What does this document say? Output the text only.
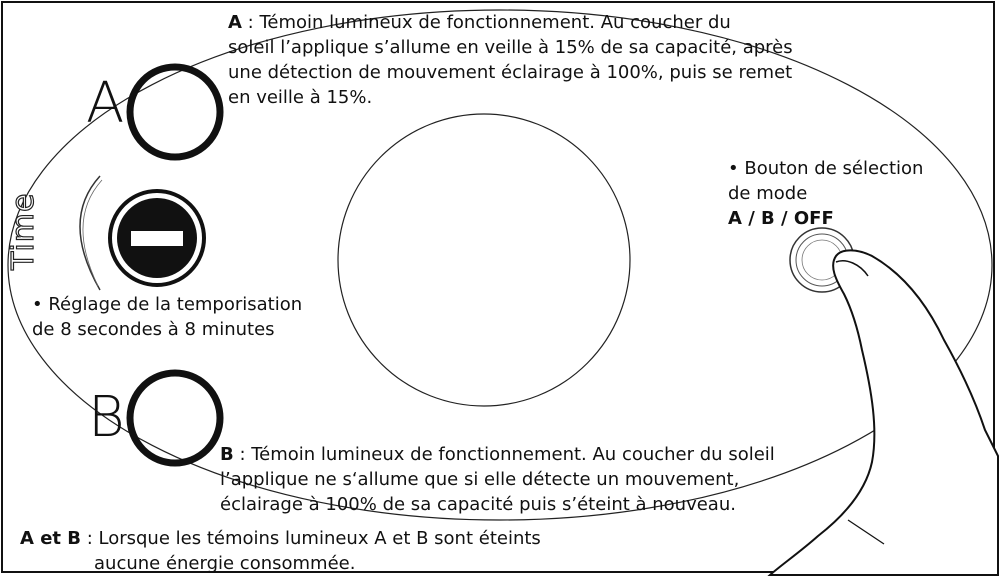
A
B
Time
A : Témoin lumineux de fonctionnement. Au coucher du
soleil l’applique s’allume en veille à 15% de sa capacité, après
une détection de mouvement éclairage à 100%, puis se remet
en veille à 15%.
• Bouton de sélection
de mode
A / B / OFF
• Réglage de la temporisation
de 8 secondes à 8 minutes
B : Témoin lumineux de fonctionnement. Au coucher du soleil
l’applique ne s‘allume que si elle détecte un mouvement,
éclairage à 100% de sa capacité puis s’éteint à nouveau.
A et B : Lorsque les témoins lumineux A et B sont éteints
aucune énergie consommée.
